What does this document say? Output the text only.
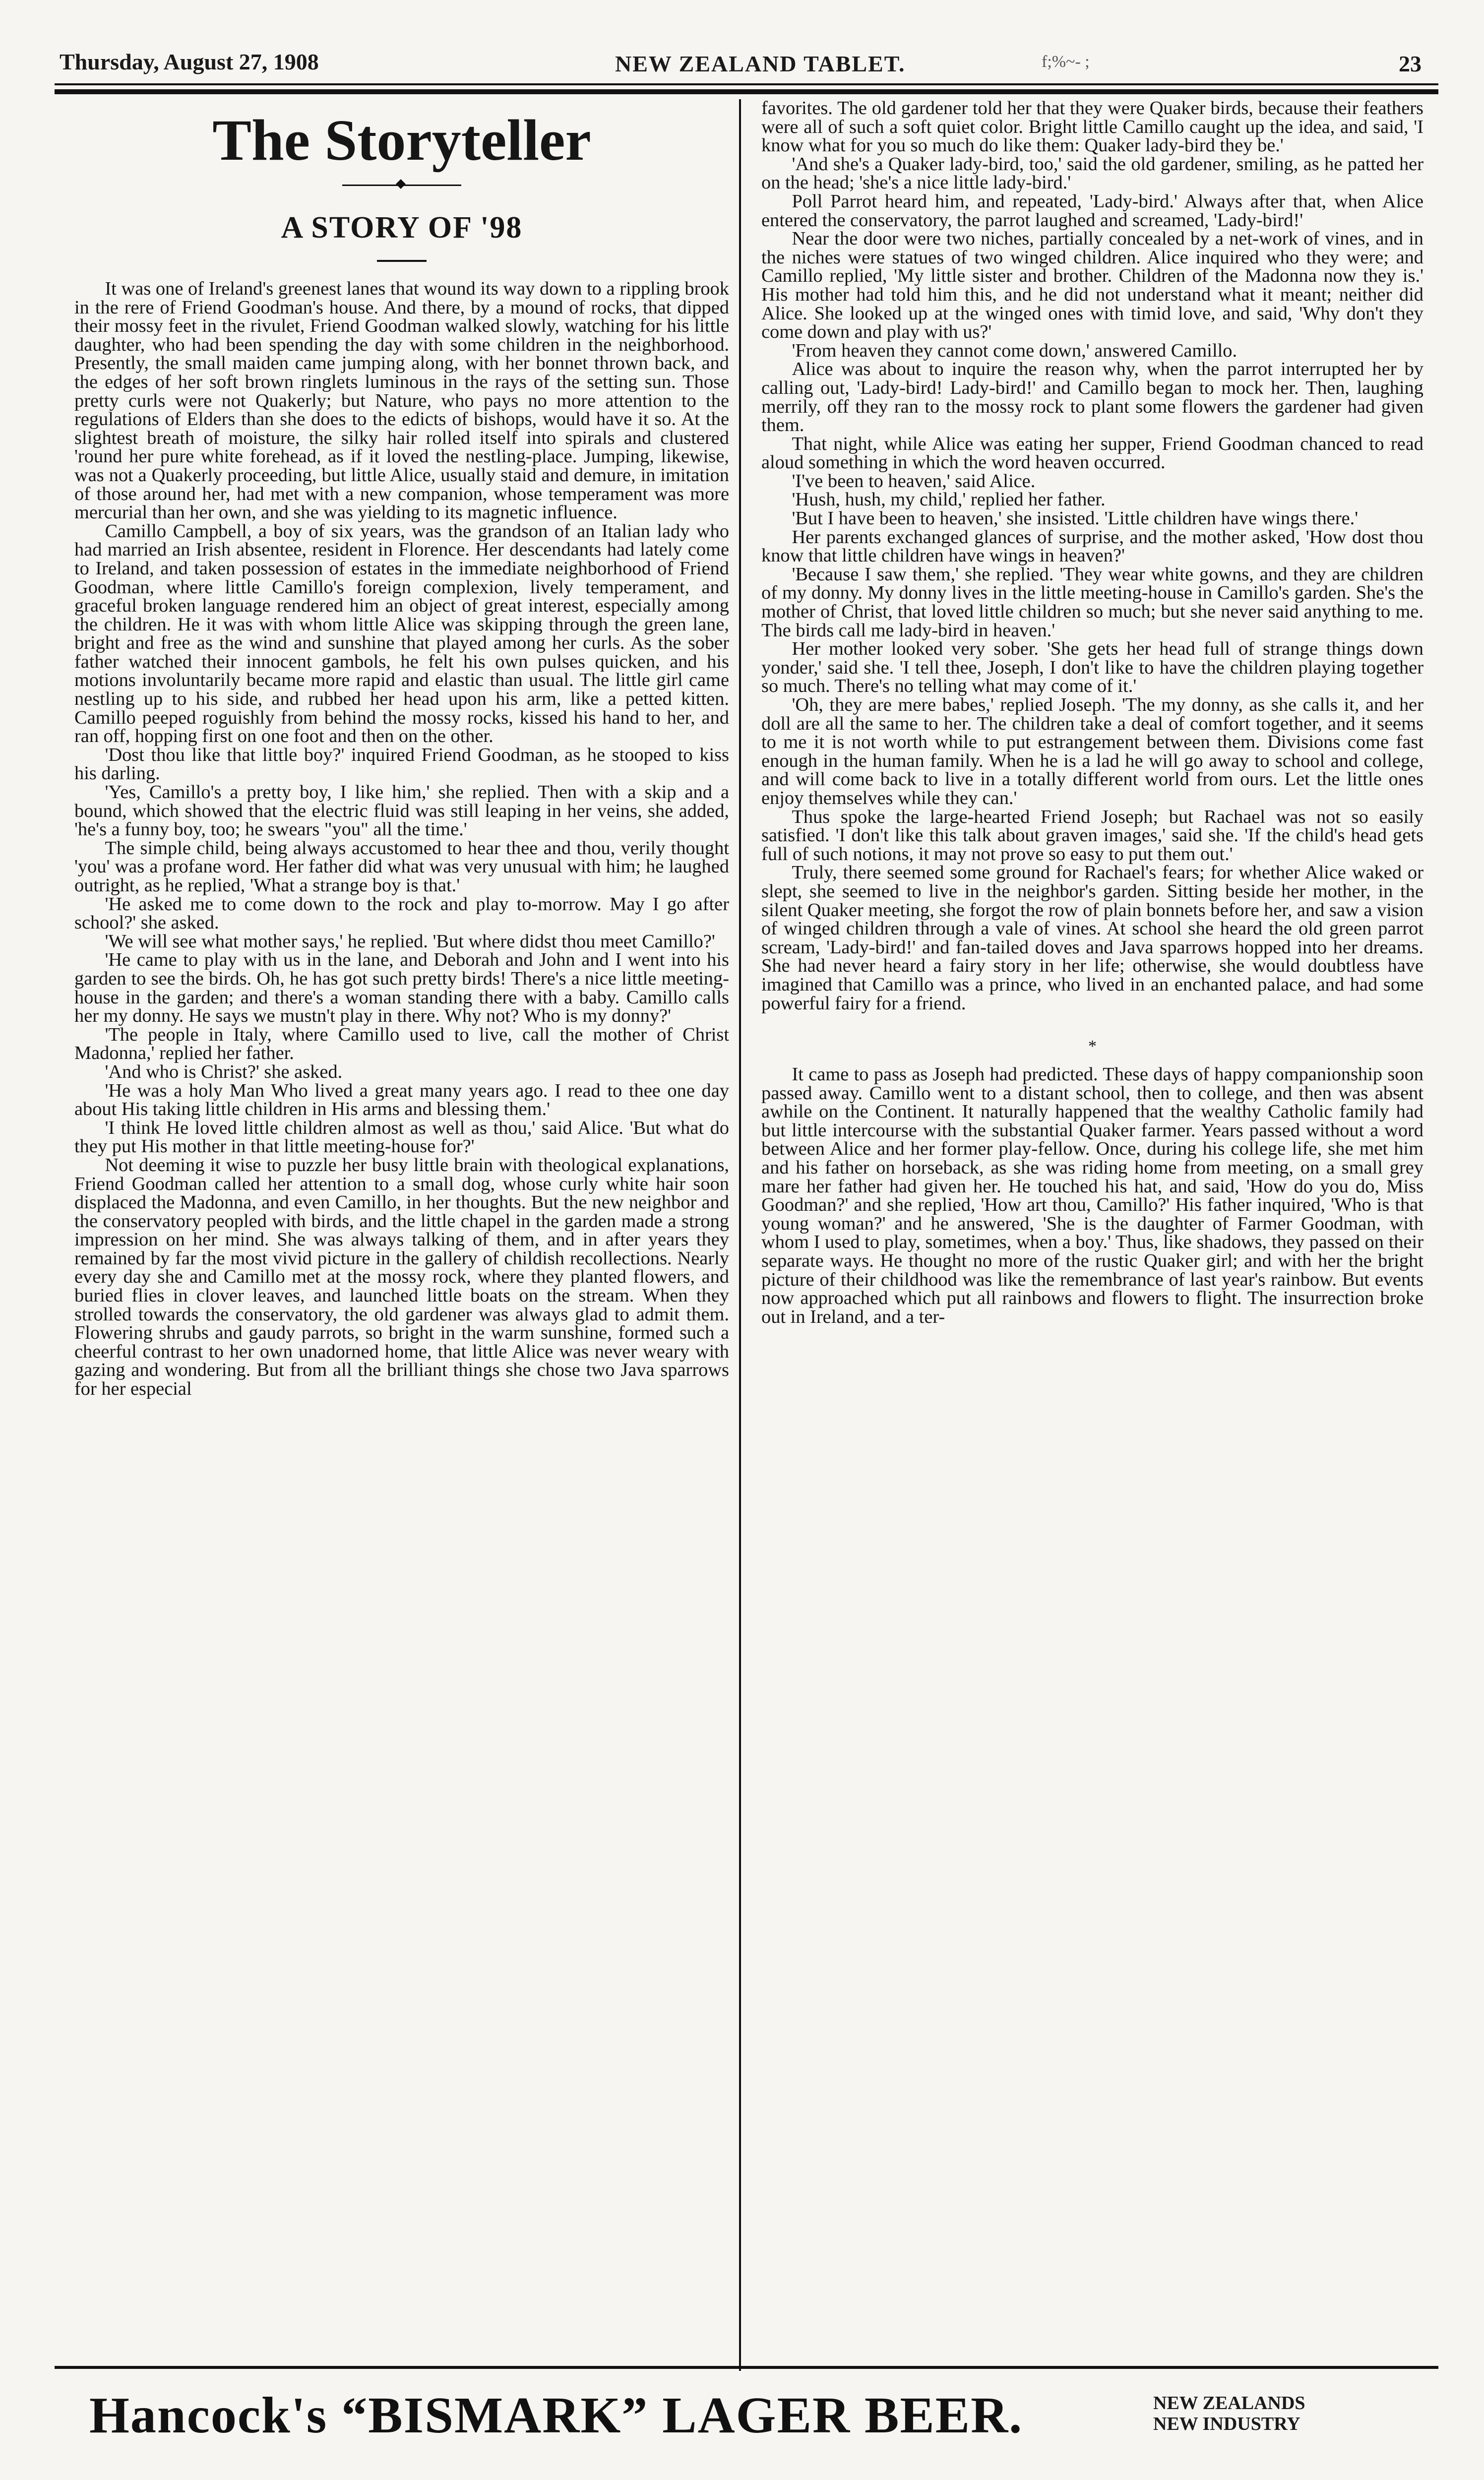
Thursday, August 27, 1908	NEW ZEALAND TABLET.	f;%~- ;	23
The Storyteller
A STORY OF '98

It was one of Ireland's greenest lanes that wound its way down to a rippling brook in the rere of Friend Goodman's house. And there, by a mound of rocks, that dipped their mossy feet in the rivulet, Friend Goodman walked slowly, watching for his little daughter, who had been spending the day with some children in the neighborhood. Presently, the small maiden came jumping along, with her bonnet thrown back, and the edges of her soft brown ringlets luminous in the rays of the setting sun. Those pretty curls were not Quakerly; but Nature, who pays no more attention to the regulations of Elders than she does to the edicts of bishops, would have it so. At the slightest breath of moisture, the silky hair rolled itself into spirals and clustered 'round her pure white forehead, as if it loved the nestling-place. Jumping, likewise, was not a Quakerly proceeding, but little Alice, usually staid and demure, in imitation of those around her, had met with a new companion, whose temperament was more mercurial than her own, and she was yielding to its magnetic influence.

Camillo Campbell, a boy of six years, was the grandson of an Italian lady who had married an Irish absentee, resident in Florence. Her descendants had lately come to Ireland, and taken possession of estates in the immediate neighborhood of Friend Goodman, where little Camillo's foreign complexion, lively temperament, and graceful broken language rendered him an object of great interest, especially among the children. He it was with whom little Alice was skipping through the green lane, bright and free as the wind and sunshine that played among her curls. As the sober father watched their innocent gambols, he felt his own pulses quicken, and his motions involuntarily became more rapid and elastic than usual. The little girl came nestling up to his side, and rubbed her head upon his arm, like a petted kitten. Camillo peeped roguishly from behind the mossy rocks, kissed his hand to her, and ran off, hopping first on one foot and then on the other.

'Dost thou like that little boy?' inquired Friend Goodman, as he stooped to kiss his darling.

'Yes, Camillo's a pretty boy, I like him,' she replied. Then with a skip and a bound, which showed that the electric fluid was still leaping in her veins, she added, 'he's a funny boy, too; he swears "you" all the time.'

The simple child, being always accustomed to hear thee and thou, verily thought 'you' was a profane word. Her father did what was very unusual with him; he laughed outright, as he replied, 'What a strange boy is that.'

'He asked me to come down to the rock and play to-morrow. May I go after school?' she asked.

'We will see what mother says,' he replied. 'But where didst thou meet Camillo?'

'He came to play with us in the lane, and Deborah and John and I went into his garden to see the birds. Oh, he has got such pretty birds! There's a nice little meeting-house in the garden; and there's a woman standing there with a baby. Camillo calls her my donny. He says we mustn't play in there. Why not? Who is my donny?'

'The people in Italy, where Camillo used to live, call the mother of Christ Madonna,' replied her father.

'And who is Christ?' she asked.

'He was a holy Man Who lived a great many years ago. I read to thee one day about His taking little children in His arms and blessing them.'

'I think He loved little children almost as well as thou,' said Alice. 'But what do they put His mother in that little meeting-house for?'

Not deeming it wise to puzzle her busy little brain with theological explanations, Friend Goodman called her attention to a small dog, whose curly white hair soon displaced the Madonna, and even Camillo, in her thoughts. But the new neighbor and the conservatory peopled with birds, and the little chapel in the garden made a strong impression on her mind. She was always talking of them, and in after years they remained by far the most vivid picture in the gallery of childish recollections. Nearly every day she and Camillo met at the mossy rock, where they planted flowers, and buried flies in clover leaves, and launched little boats on the stream. When they strolled towards the conservatory, the old gardener was always glad to admit them. Flowering shrubs and gaudy parrots, so bright in the warm sunshine, formed such a cheerful contrast to her own unadorned home, that little Alice was never weary with gazing and wondering. But from all the brilliant things she chose two Java sparrows for her especial

favorites. The old gardener told her that they were Quaker birds, because their feathers were all of such a soft quiet color. Bright little Camillo caught up the idea, and said, 'I know what for you so much do like them: Quaker lady-bird they be.'

'And she's a Quaker lady-bird, too,' said the old gardener, smiling, as he patted her on the head; 'she's a nice little lady-bird.'

Poll Parrot heard him, and repeated, 'Lady-bird.' Always after that, when Alice entered the conservatory, the parrot laughed and screamed, 'Lady-bird!'

Near the door were two niches, partially concealed by a net-work of vines, and in the niches were statues of two winged children. Alice inquired who they were; and Camillo replied, 'My little sister and brother. Children of the Madonna now they is.' His mother had told him this, and he did not understand what it meant; neither did Alice. She looked up at the winged ones with timid love, and said, 'Why don't they come down and play with us?'

'From heaven they cannot come down,' answered Camillo.

Alice was about to inquire the reason why, when the parrot interrupted her by calling out, 'Lady-bird! Lady-bird!' and Camillo began to mock her. Then, laughing merrily, off they ran to the mossy rock to plant some flowers the gardener had given them.

That night, while Alice was eating her supper, Friend Goodman chanced to read aloud something in which the word heaven occurred.

'I've been to heaven,' said Alice.

'Hush, hush, my child,' replied her father.

'But I have been to heaven,' she insisted. 'Little children have wings there.'

Her parents exchanged glances of surprise, and the mother asked, 'How dost thou know that little children have wings in heaven?'

'Because I saw them,' she replied. 'They wear white gowns, and they are children of my donny. My donny lives in the little meeting-house in Camillo's garden. She's the mother of Christ, that loved little children so much; but she never said anything to me. The birds call me lady-bird in heaven.'

Her mother looked very sober. 'She gets her head full of strange things down yonder,' said she. 'I tell thee, Joseph, I don't like to have the children playing together so much. There's no telling what may come of it.'

'Oh, they are mere babes,' replied Joseph. 'The my donny, as she calls it, and her doll are all the same to her. The children take a deal of comfort together, and it seems to me it is not worth while to put estrangement between them. Divisions come fast enough in the human family. When he is a lad he will go away to school and college, and will come back to live in a totally different world from ours. Let the little ones enjoy themselves while they can.'

Thus spoke the large-hearted Friend Joseph; but Rachael was not so easily satisfied. 'I don't like this talk about graven images,' said she. 'If the child's head gets full of such notions, it may not prove so easy to put them out.'

Truly, there seemed some ground for Rachael's fears; for whether Alice waked or slept, she seemed to live in the neighbor's garden. Sitting beside her mother, in the silent Quaker meeting, she forgot the row of plain bonnets before her, and saw a vision of winged children through a vale of vines. At school she heard the old green parrot scream, 'Lady-bird!' and fan-tailed doves and Java sparrows hopped into her dreams. She had never heard a fairy story in her life; otherwise, she would doubtless have imagined that Camillo was a prince, who lived in an enchanted palace, and had some powerful fairy for a friend.

*

It came to pass as Joseph had predicted. These days of happy companionship soon passed away. Camillo went to a distant school, then to college, and then was absent awhile on the Continent. It naturally happened that the wealthy Catholic family had but little intercourse with the substantial Quaker farmer. Years passed without a word between Alice and her former play-fellow. Once, during his college life, she met him and his father on horseback, as she was riding home from meeting, on a small grey mare her father had given her. He touched his hat, and said, 'How do you do, Miss Goodman?' and she replied, 'How art thou, Camillo?' His father inquired, 'Who is that young woman?' and he answered, 'She is the daughter of Farmer Goodman, with whom I used to play, sometimes, when a boy.' Thus, like shadows, they passed on their separate ways. He thought no more of the rustic Quaker girl; and with her the bright picture of their childhood was like the remembrance of last year's rainbow. But events now approached which put all rainbows and flowers to flight. The insurrection broke out in Ireland, and a ter-

Hancock's “BISMARK” LAGER BEER.	NEW ZEALANDS
NEW INDUSTRY
